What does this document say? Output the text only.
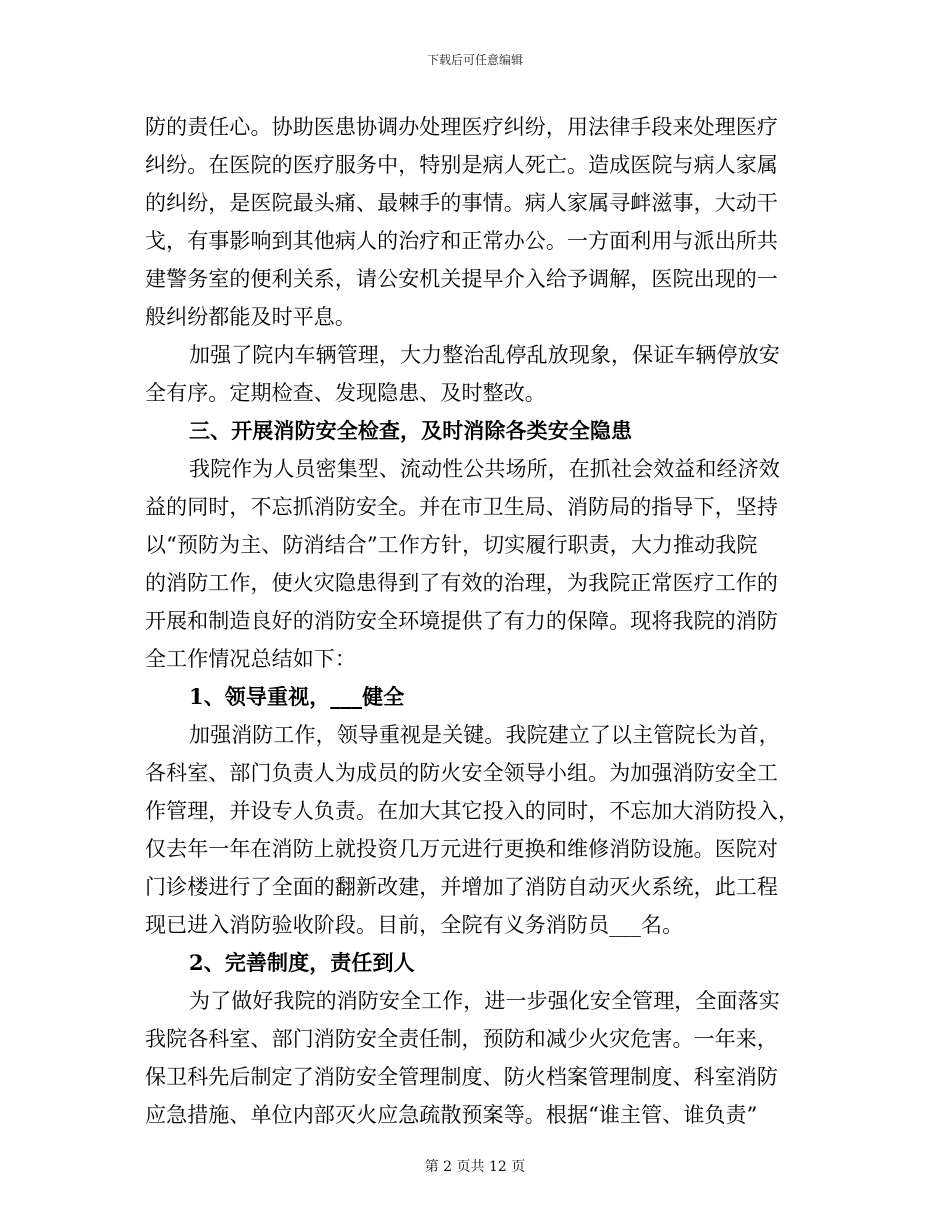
下载后可任意编辑
防的责任心。协助医患协调办处理医疗纠纷，用法律手段来处理医疗
纠纷。在医院的医疗服务中，特别是病人死亡。造成医院与病人家属
的纠纷，是医院最头痛、最棘手的事情。病人家属寻衅滋事，大动干
戈，有事影响到其他病人的治疗和正常办公。一方面利用与派出所共
建警务室的便利关系，请公安机关提早介入给予调解，医院出现的一
般纠纷都能及时平息。
加强了院内车辆管理，大力整治乱停乱放现象，保证车辆停放安
全有序。定期检查、发现隐患、及时整改。
三、开展消防安全检查，及时消除各类安全隐患
我院作为人员密集型、流动性公共场所，在抓社会效益和经济效
益的同时，不忘抓消防安全。并在市卫生局、消防局的指导下，坚持
以“预防为主、防消结合”工作方针，切实履行职责，大力推动我院
的消防工作，使火灾隐患得到了有效的治理，为我院正常医疗工作的
开展和制造良好的消防安全环境提供了有力的保障。现将我院的消防
全工作情况总结如下：
1、领导重视，___健全
加强消防工作，领导重视是关键。我院建立了以主管院长为首，
各科室、部门负责人为成员的防火安全领导小组。为加强消防安全工
作管理，并设专人负责。在加大其它投入的同时，不忘加大消防投入，
仅去年一年在消防上就投资几万元进行更换和维修消防设施。医院对
门诊楼进行了全面的翻新改建，并增加了消防自动灭火系统，此工程
现已进入消防验收阶段。目前，全院有义务消防员___名。
2、完善制度，责任到人
为了做好我院的消防安全工作，进一步强化安全管理，全面落实
我院各科室、部门消防安全责任制，预防和减少火灾危害。一年来，
保卫科先后制定了消防安全管理制度、防火档案管理制度、科室消防
应急措施、单位内部灭火应急疏散预案等。根据“谁主管、谁负责”
第 2 页共 12 页
